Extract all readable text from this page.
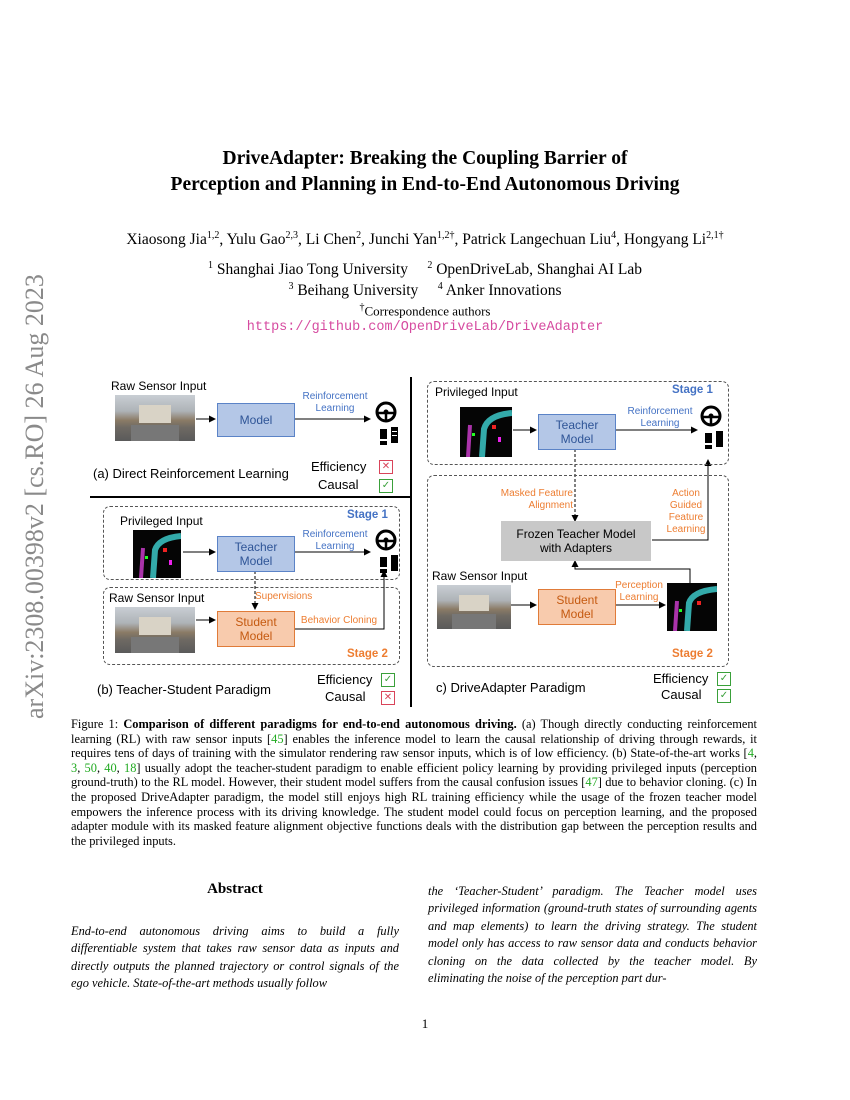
arXiv:2308.00398v2 [cs.RO] 26 Aug 2023
DriveAdapter: Breaking the Coupling Barrier of
Perception and Planning in End-to-End Autonomous Driving
Xiaosong Jia$^{1,2}$, Yulu Gao$^{2,3}$, Li Chen$^2$, Junchi Yan$^{1,2\dagger}$, Patrick Langechuan Liu$^4$, Hongyang $Li^{2,1\dagger}$
$^1$ Shanghai Jiao Tong University $^2$ OpenDriveLab, Shanghai AI Lab
$^3$ Beihang University $^4$ Anker Innovations
†Correspondence authors
https://github.com/OpenDriveLab/DriveAdapter
Raw Sensor Input
Model
Reinforcement Learning
(a) Direct Reinforcement Learning Efficiency ✕
Causal ✓
Privileged Input
Teacher Model
Reinforcement Learning
Stage 1
Raw Sensor Input	Supervisions
Student Model
Behavior Cloning
Stage 2
(b) Teacher-Student Paradigm
Efficiency ✓
Causal ✕
Privileged Input	Stage 1
Teacher Model
Reinforcement Learning
Masked Feature Alignment
Action Guided Feature Learning
Frozen Teacher Model with Adapters
Raw Sensor Input
Student Model
Perception Learning
Stage 2
c) DriveAdapter Paradigm
Efficiency ✓
Causal ✓
Figure 1: Comparison of different paradigms for end-to-end autonomous driving. (a) Though directly conducting reinforcement learning (RL) with raw sensor inputs [45] enables the inference model to learn the causal relationship of driving through rewards, it requires tens of days of training with the simulator rendering raw sensor inputs, which is of low efficiency. (b) State-of-the-art works [4, 3, 50, 40, 18] usually adopt the teacher-student paradigm to enable efficient policy learning by providing privileged inputs (perception ground-truth) to the RL model. However, their student model suffers from the causal confusion issues [47] due to behavior cloning. (c) In the proposed DriveAdapter paradigm, the model still enjoys high RL training efficiency while the usage of the frozen teacher model empowers the inference process with its driving knowledge. The student model could focus on perception learning, and the proposed adapter module with its masked feature alignment objective functions deals with the distribution gap between the perception results and the privileged inputs.
Abstract
End-to-end autonomous driving aims to build a fully differentiable system that takes raw sensor data as inputs and directly outputs the planned trajectory or control signals of the ego vehicle. State-of-the-art methods usually follow
the ‘Teacher-Student’ paradigm. The Teacher model uses privileged information (ground-truth states of surrounding agents and map elements) to learn the driving strategy. The student model only has access to raw sensor data and conducts behavior cloning on the data collected by the teacher model. By eliminating the noise of the perception part dur-
1
